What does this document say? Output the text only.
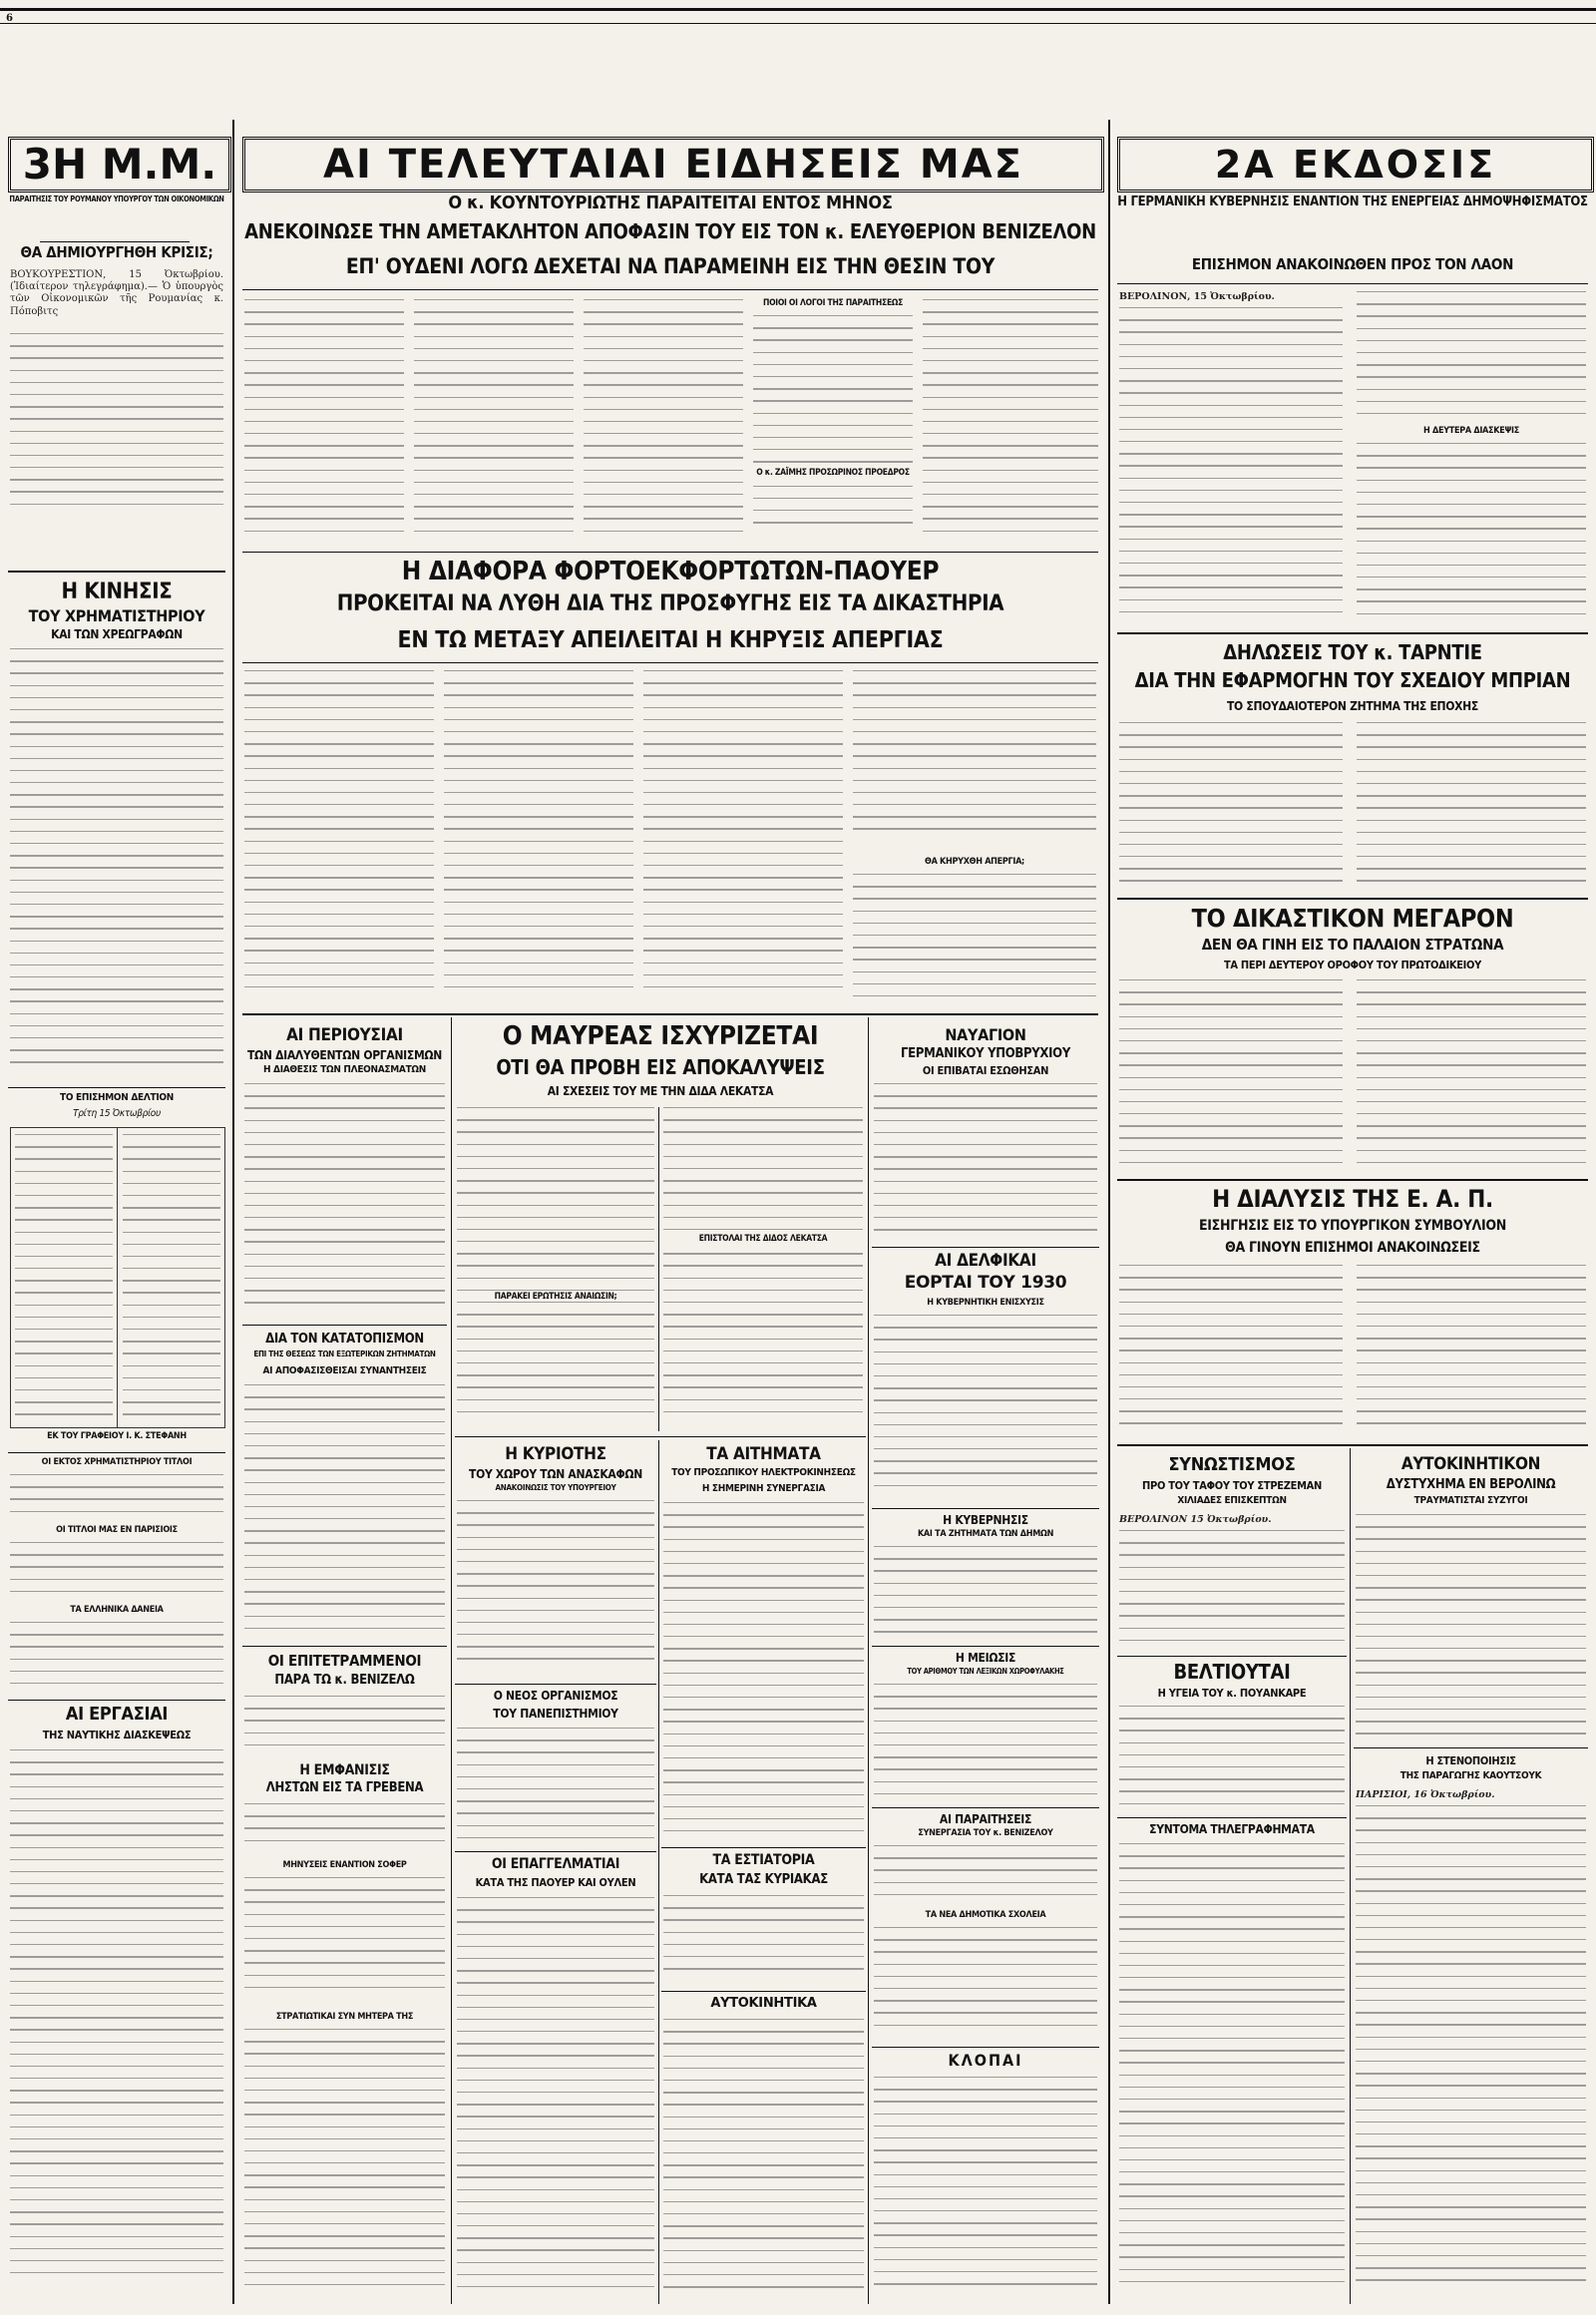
6
3Η Μ.Μ.
ΠΑΡΑΙΤΗΣΙΣ ΤΟΥ ΡΟΥΜΑΝΟΥ ΥΠΟΥΡΓΟΥ ΤΩΝ ΟΙΚΟΝΟΜΙΚΩΝ
ΘΑ ΔΗΜΙΟΥΡΓΗΘΗ ΚΡΙΣΙΣ;
ΒΟΥΚΟΥΡΕΣΤΙΟΝ, 15 Ὀκτωβρίου. (Ἰδιαίτερον τηλεγράφημα).— Ὁ ὑπουργὸς τῶν Οἰκονομικῶν τῆς Ρουμανίας κ. Πόποβιτς
Η ΚΙΝΗΣΙΣ
ΤΟΥ ΧΡΗΜΑΤΙΣΤΗΡΙΟΥ
ΚΑΙ ΤΩΝ ΧΡΕΩΓΡΑΦΩΝ
ΤΟ ΕΠΙΣΗΜΟΝ ΔΕΛΤΙΟΝ
Τρίτη 15 Ὀκτωβρίου
ΕΚ ΤΟΥ ΓΡΑΦΕΙΟΥ Ι. Κ. ΣΤΕΦΑΝΗ
ΟΙ ΕΚΤΟΣ ΧΡΗΜΑΤΙΣΤΗΡΙΟΥ ΤΙΤΛΟΙ
ΟΙ ΤΙΤΛΟΙ ΜΑΣ ΕΝ ΠΑΡΙΣΙΟΙΣ
ΤΑ ΕΛΛΗΝΙΚΑ ΔΑΝΕΙΑ
ΑΙ ΕΡΓΑΣΙΑΙ
ΤΗΣ ΝΑΥΤΙΚΗΣ ΔΙΑΣΚΕΨΕΩΣ
ΑΙ ΤΕΛΕΥΤΑΙΑΙ ΕΙΔΗΣΕΙΣ ΜΑΣ
Ο κ. ΚΟΥΝΤΟΥΡΙΩΤΗΣ ΠΑΡΑΙΤΕΙΤΑΙ ΕΝΤΟΣ ΜΗΝΟΣ
ΑΝΕΚΟΙΝΩΣΕ ΤΗΝ ΑΜΕΤΑΚΛΗΤΟΝ ΑΠΟΦΑΣΙΝ ΤΟΥ ΕΙΣ ΤΟΝ κ. ΕΛΕΥΘΕΡΙΟΝ ΒΕΝΙΖΕΛΟΝ
ΕΠ' ΟΥΔΕΝΙ ΛΟΓΩ ΔΕΧΕΤΑΙ ΝΑ ΠΑΡΑΜΕΙΝΗ ΕΙΣ ΤΗΝ ΘΕΣΙΝ ΤΟΥ
ΠΟΙΟΙ ΟΙ ΛΟΓΟΙ ΤΗΣ ΠΑΡΑΙΤΗΣΕΩΣ
Ο κ. ΖΑΪΜΗΣ ΠΡΟΣΩΡΙΝΟΣ ΠΡΟΕΔΡΟΣ
Η ΔΙΑΦΟΡΑ ΦΟΡΤΟΕΚΦΟΡΤΩΤΩΝ-ΠΑΟΥΕΡ
ΠΡΟΚΕΙΤΑΙ ΝΑ ΛΥΘΗ ΔΙΑ ΤΗΣ ΠΡΟΣΦΥΓΗΣ ΕΙΣ ΤΑ ΔΙΚΑΣΤΗΡΙΑ
ΕΝ ΤΩ ΜΕΤΑΞΥ ΑΠΕΙΛΕΙΤΑΙ Η ΚΗΡΥΞΙΣ ΑΠΕΡΓΙΑΣ
ΘΑ ΚΗΡΥΧΘΗ ΑΠΕΡΓΙΑ;
ΑΙ ΠΕΡΙΟΥΣΙΑΙ
ΤΩΝ ΔΙΑΛΥΘΕΝΤΩΝ ΟΡΓΑΝΙΣΜΩΝ
Η ΔΙΑΘΕΣΙΣ ΤΩΝ ΠΛΕΟΝΑΣΜΑΤΩΝ
ΔΙΑ ΤΟΝ ΚΑΤΑΤΟΠΙΣΜΟΝ
ΕΠΙ ΤΗΣ ΘΕΣΕΩΣ ΤΩΝ ΕΞΩΤΕΡΙΚΩΝ ΖΗΤΗΜΑΤΩΝ
ΑΙ ΑΠΟΦΑΣΙΣΘΕΙΣΑΙ ΣΥΝΑΝΤΗΣΕΙΣ
ΟΙ ΕΠΙΤΕΤΡΑΜΜΕΝΟΙ
ΠΑΡΑ ΤΩ κ. ΒΕΝΙΖΕΛΩ
Η ΕΜΦΑΝΙΣΙΣ
ΛΗΣΤΩΝ ΕΙΣ ΤΑ ΓΡΕΒΕΝΑ
ΜΗΝΥΣΕΙΣ ΕΝΑΝΤΙΟΝ ΣΟΦΕΡ
ΣΤΡΑΤΙΩΤΙΚΑΙ ΣΥΝ ΜΗΤΕΡΑ ΤΗΣ
Ο ΜΑΥΡΕΑΣ ΙΣΧΥΡΙΖΕΤΑΙ
ΟΤΙ ΘΑ ΠΡΟΒΗ ΕΙΣ ΑΠΟΚΑΛΥΨΕΙΣ
ΑΙ ΣΧΕΣΕΙΣ ΤΟΥ ΜΕ ΤΗΝ ΔΙΔΑ ΛΕΚΑΤΣΑ
ΠΑΡΑΚΕΙ ΕΡΩΤΗΣΙΣ ΑΝΑΙΩΣΙΝ;
ΕΠΙΣΤΟΛΑΙ ΤΗΣ ΔΙΔΟΣ ΛΕΚΑΤΣΑ
Η ΚΥΡΙΟΤΗΣ
ΤΟΥ ΧΩΡΟΥ ΤΩΝ ΑΝΑΣΚΑΦΩΝ
ΑΝΑΚΟΙΝΩΣΙΣ ΤΟΥ ΥΠΟΥΡΓΕΙΟΥ
Ο ΝΕΟΣ ΟΡΓΑΝΙΣΜΟΣ
ΤΟΥ ΠΑΝΕΠΙΣΤΗΜΙΟΥ
ΟΙ ΕΠΑΓΓΕΛΜΑΤΙΑΙ
ΚΑΤΑ ΤΗΣ ΠΑΟΥΕΡ ΚΑΙ ΟΥΛΕΝ
ΤΑ ΑΙΤΗΜΑΤΑ
ΤΟΥ ΠΡΟΣΩΠΙΚΟΥ ΗΛΕΚΤΡΟΚΙΝΗΣΕΩΣ
Η ΣΗΜΕΡΙΝΗ ΣΥΝΕΡΓΑΣΙΑ
ΤΑ ΕΣΤΙΑΤΟΡΙΑ
ΚΑΤΑ ΤΑΣ ΚΥΡΙΑΚΑΣ
ΑΥΤΟΚΙΝΗΤΙΚΑ
ΝΑΥΑΓΙΟΝ
ΓΕΡΜΑΝΙΚΟΥ ΥΠΟΒΡΥΧΙΟΥ
ΟΙ ΕΠΙΒΑΤΑΙ ΕΣΩΘΗΣΑΝ
ΑΙ ΔΕΛΦΙΚΑΙ
ΕΟΡΤΑΙ ΤΟΥ 1930
Η ΚΥΒΕΡΝΗΤΙΚΗ ΕΝΙΣΧΥΣΙΣ
Η ΚΥΒΕΡΝΗΣΙΣ
ΚΑΙ ΤΑ ΖΗΤΗΜΑΤΑ ΤΩΝ ΔΗΜΩΝ
Η ΜΕΙΩΣΙΣ
ΤΟΥ ΑΡΙΘΜΟΥ ΤΩΝ ΛΕΞΙΚΩΝ ΧΩΡΟΦΥΛΑΚΗΣ
ΑΙ ΠΑΡΑΙΤΗΣΕΙΣ
ΣΥΝΕΡΓΑΣΙΑ ΤΟΥ κ. ΒΕΝΙΖΕΛΟΥ
ΤΑ ΝΕΑ ΔΗΜΟΤΙΚΑ ΣΧΟΛΕΙΑ
ΚΛΟΠΑΙ
2Α ΕΚΔΟΣΙΣ
Η ΓΕΡΜΑΝΙΚΗ ΚΥΒΕΡΝΗΣΙΣ ΕΝΑΝΤΙΟΝ ΤΗΣ ΕΝΕΡΓΕΙΑΣ ΔΗΜΟΨΗΦΙΣΜΑΤΟΣ
ΕΠΙΣΗΜΟΝ ΑΝΑΚΟΙΝΩΘΕΝ ΠΡΟΣ ΤΟΝ ΛΑΟΝ
ΒΕΡΟΛΙΝΟΝ, 15 Ὀκτωβρίου.
Η ΔΕΥΤΕΡΑ ΔΙΑΣΚΕΨΙΣ
ΔΗΛΩΣΕΙΣ ΤΟΥ κ. ΤΑΡΝΤΙΕ
ΔΙΑ ΤΗΝ ΕΦΑΡΜΟΓΗΝ ΤΟΥ ΣΧΕΔΙΟΥ ΜΠΡΙΑΝ
ΤΟ ΣΠΟΥΔΑΙΟΤΕΡΟΝ ΖΗΤΗΜΑ ΤΗΣ ΕΠΟΧΗΣ
ΤΟ ΔΙΚΑΣΤΙΚΟΝ ΜΕΓΑΡΟΝ
ΔΕΝ ΘΑ ΓΙΝΗ ΕΙΣ ΤΟ ΠΑΛΑΙΟΝ ΣΤΡΑΤΩΝΑ
ΤΑ ΠΕΡΙ ΔΕΥΤΕΡΟΥ ΟΡΟΦΟΥ ΤΟΥ ΠΡΩΤΟΔΙΚΕΙΟΥ
Η ΔΙΑΛΥΣΙΣ ΤΗΣ Ε. Α. Π.
ΕΙΣΗΓΗΣΙΣ ΕΙΣ ΤΟ ΥΠΟΥΡΓΙΚΟΝ ΣΥΜΒΟΥΛΙΟΝ
ΘΑ ΓΙΝΟΥΝ ΕΠΙΣΗΜΟΙ ΑΝΑΚΟΙΝΩΣΕΙΣ
ΣΥΝΩΣΤΙΣΜΟΣ
ΠΡΟ ΤΟΥ ΤΑΦΟΥ ΤΟΥ ΣΤΡΕΖΕΜΑΝ
ΧΙΛΙΑΔΕΣ ΕΠΙΣΚΕΠΤΩΝ
ΒΕΡΟΛΙΝΟΝ 15 Ὀκτωβρίου.
ΒΕΛΤΙΟΥΤΑΙ
Η ΥΓΕΙΑ ΤΟΥ κ. ΠΟΥΑΝΚΑΡΕ
ΣΥΝΤΟΜΑ ΤΗΛΕΓΡΑΦΗΜΑΤΑ
ΑΥΤΟΚΙΝΗΤΙΚΟΝ
ΔΥΣΤΥΧΗΜΑ ΕΝ ΒΕΡΟΛΙΝΩ
ΤΡΑΥΜΑΤΙΣΤΑΙ ΣΥΖΥΓΟΙ
Η ΣΤΕΝΟΠΟΙΗΣΙΣ
ΤΗΣ ΠΑΡΑΓΩΓΗΣ ΚΑΟΥΤΣΟΥΚ
ΠΑΡΙΣΙΟΙ, 16 Ὀκτωβρίου.
